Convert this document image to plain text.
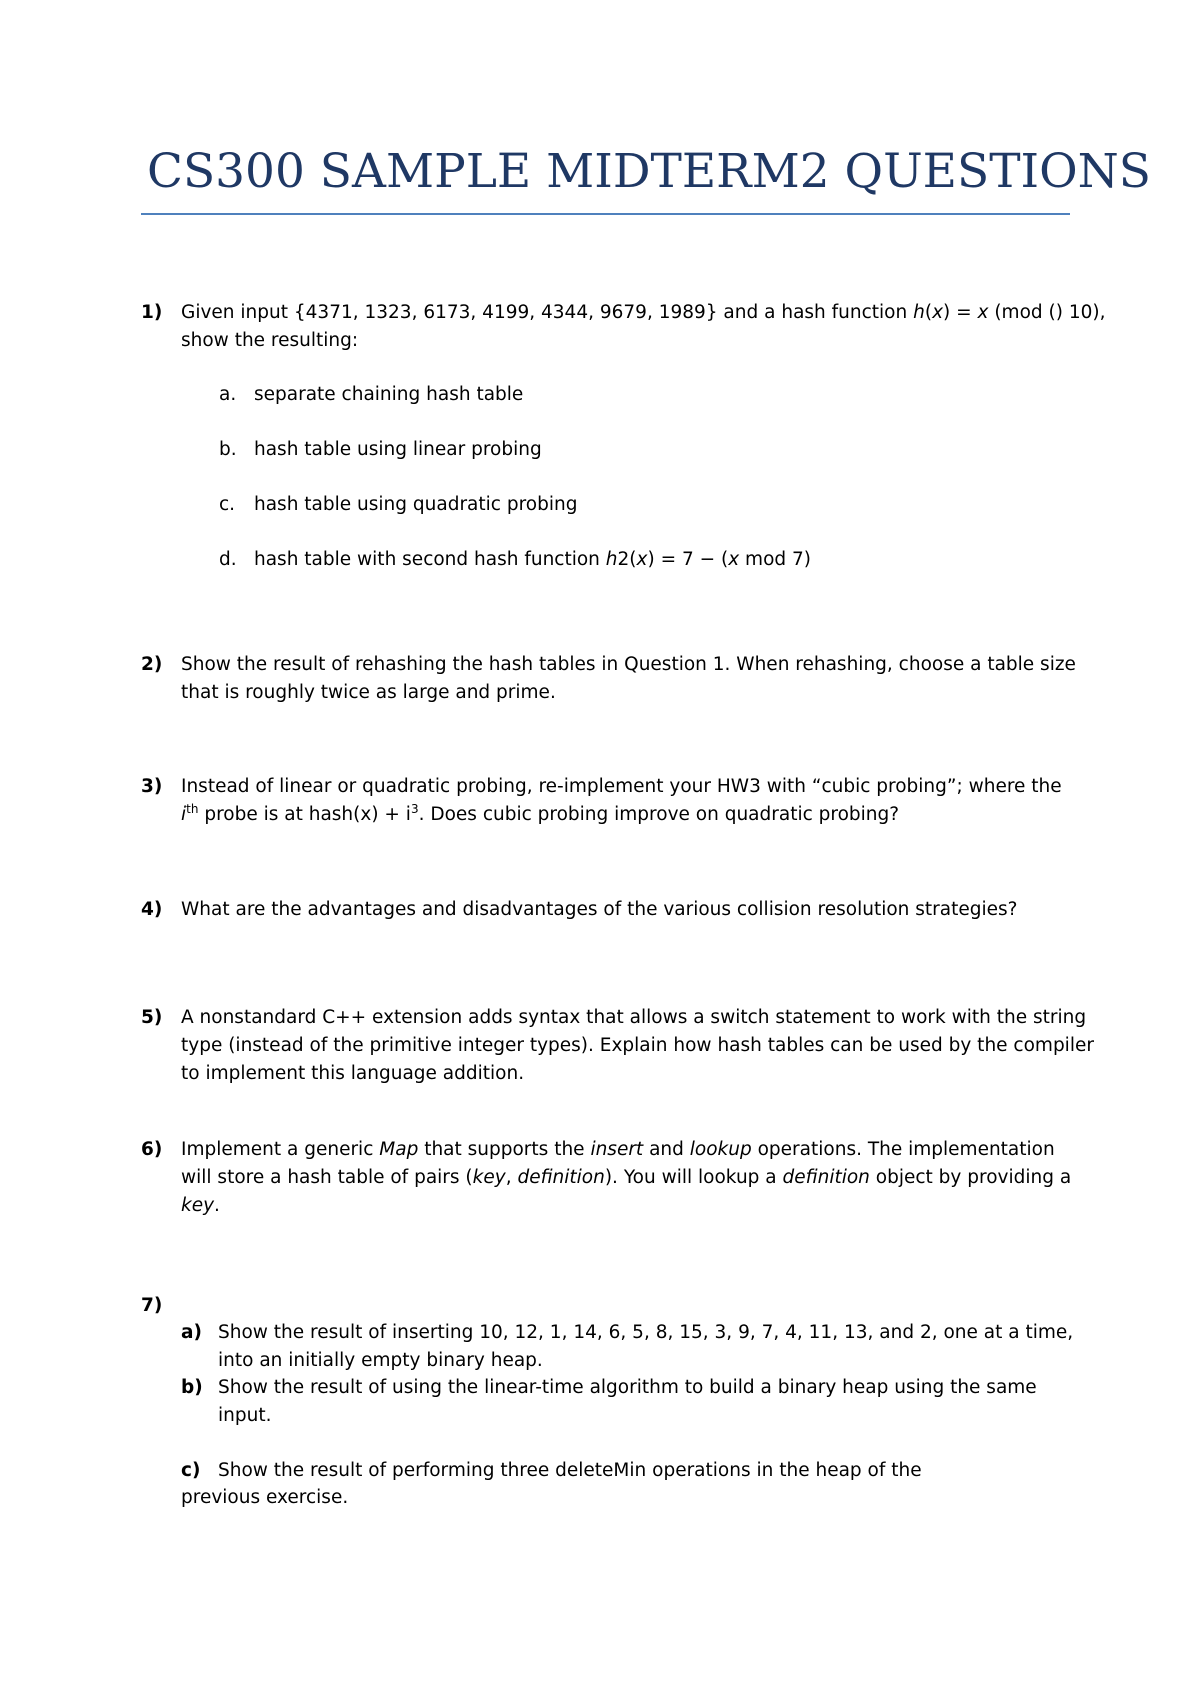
CS300 SAMPLE MIDTERM2 QUESTIONS
1) Given input {4371, 1323, 6173, 4199, 4344, 9679, 1989} and a hash function h(x) = x (mod () 10),
show the resulting:
a. separate chaining hash table
b. hash table using linear probing
c. hash table using quadratic probing
d. hash table with second hash function h2(x) = 7 − (x mod 7)
2) Show the result of rehashing the hash tables in Question 1. When rehashing, choose a table size
that is roughly twice as large and prime.
3) Instead of linear or quadratic probing, re-implement your HW3 with “cubic probing”; where the
$i^{th}$ probe is at hash(x) + $i^3$. Does cubic probing improve on quadratic probing?
4) What are the advantages and disadvantages of the various collision resolution strategies?
5) A nonstandard C++ extension adds syntax that allows a switch statement to work with the string
type (instead of the primitive integer types). Explain how hash tables can be used by the compiler
to implement this language addition.
6) Implement a generic Map that supports the insert and lookup operations. The implementation
will store a hash table of pairs (key, definition). You will lookup a definition object by providing a
key.
7)
a) Show the result of inserting 10, 12, 1, 14, 6, 5, 8, 15, 3, 9, 7, 4, 11, 13, and 2, one at a time,
into an initially empty binary heap.
b) Show the result of using the linear-time algorithm to build a binary heap using the same
input.
c) Show the result of performing three deleteMin operations in the heap of the
previous exercise.
